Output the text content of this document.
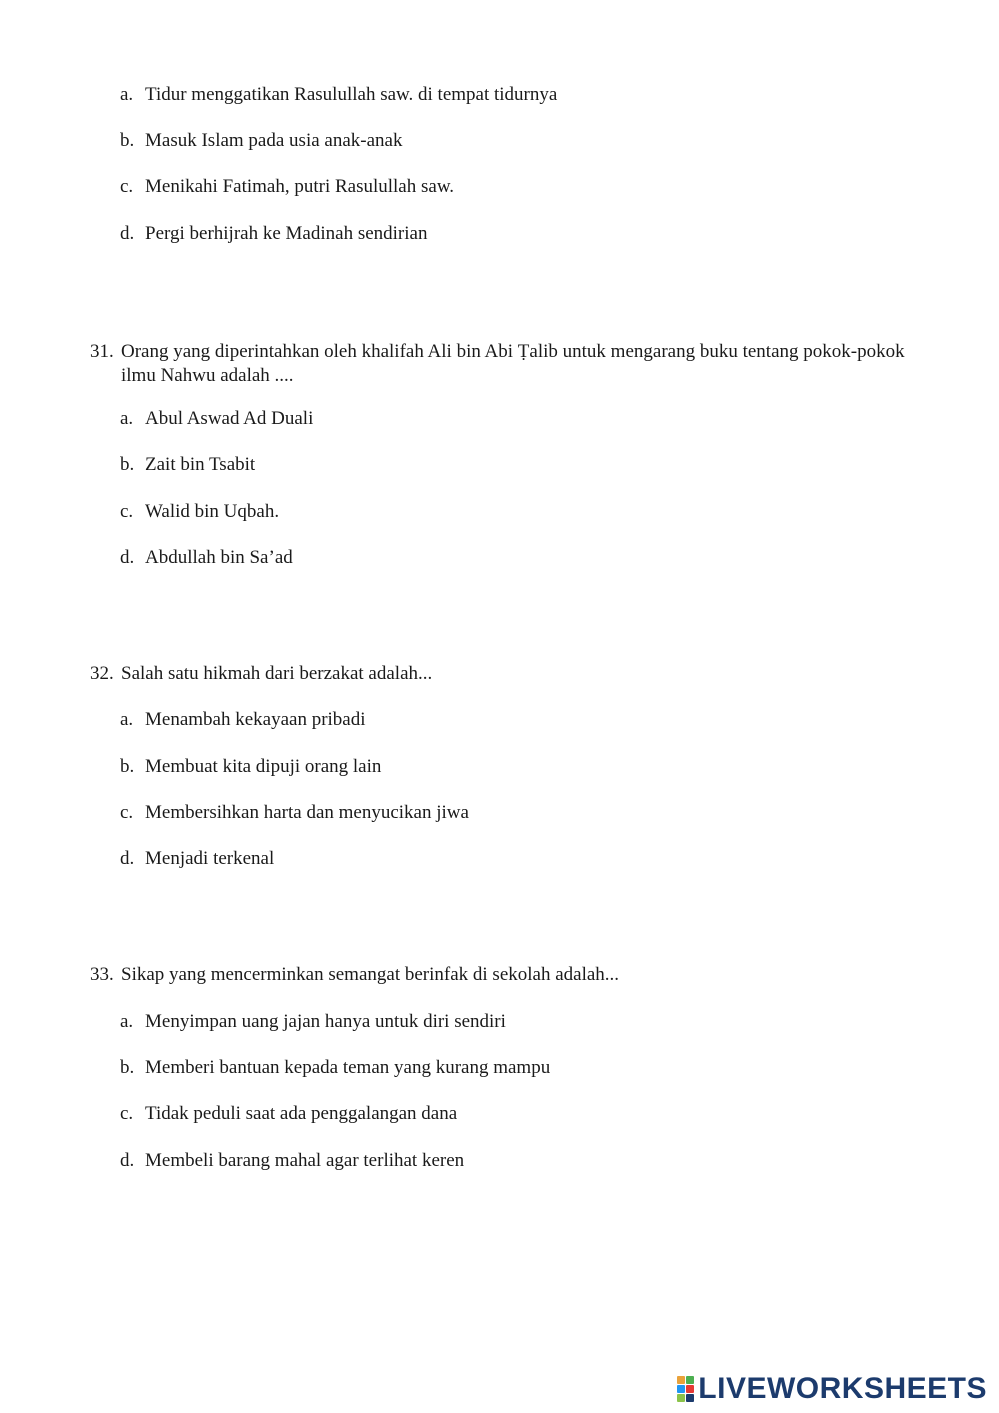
a. Tidur menggatikan Rasulullah saw. di tempat tidurnya
b. Masuk Islam pada usia anak-anak
c. Menikahi Fatimah, putri Rasulullah saw.
d. Pergi berhijrah ke Madinah sendirian
31. Orang yang diperintahkan oleh khalifah Ali bin Abi Ṭalib untuk mengarang buku tentang pokok-pokok ilmu Nahwu adalah ....
a. Abul Aswad Ad Duali
b. Zait bin Tsabit
c. Walid bin Uqbah.
d. Abdullah bin Sa’ad
32. Salah satu hikmah dari berzakat adalah...
a. Menambah kekayaan pribadi
b. Membuat kita dipuji orang lain
c. Membersihkan harta dan menyucikan jiwa
d. Menjadi terkenal
33. Sikap yang mencerminkan semangat berinfak di sekolah adalah...
a. Menyimpan uang jajan hanya untuk diri sendiri
b. Memberi bantuan kepada teman yang kurang mampu
c. Tidak peduli saat ada penggalangan dana
d. Membeli barang mahal agar terlihat keren
LIVEWORKSHEETS
